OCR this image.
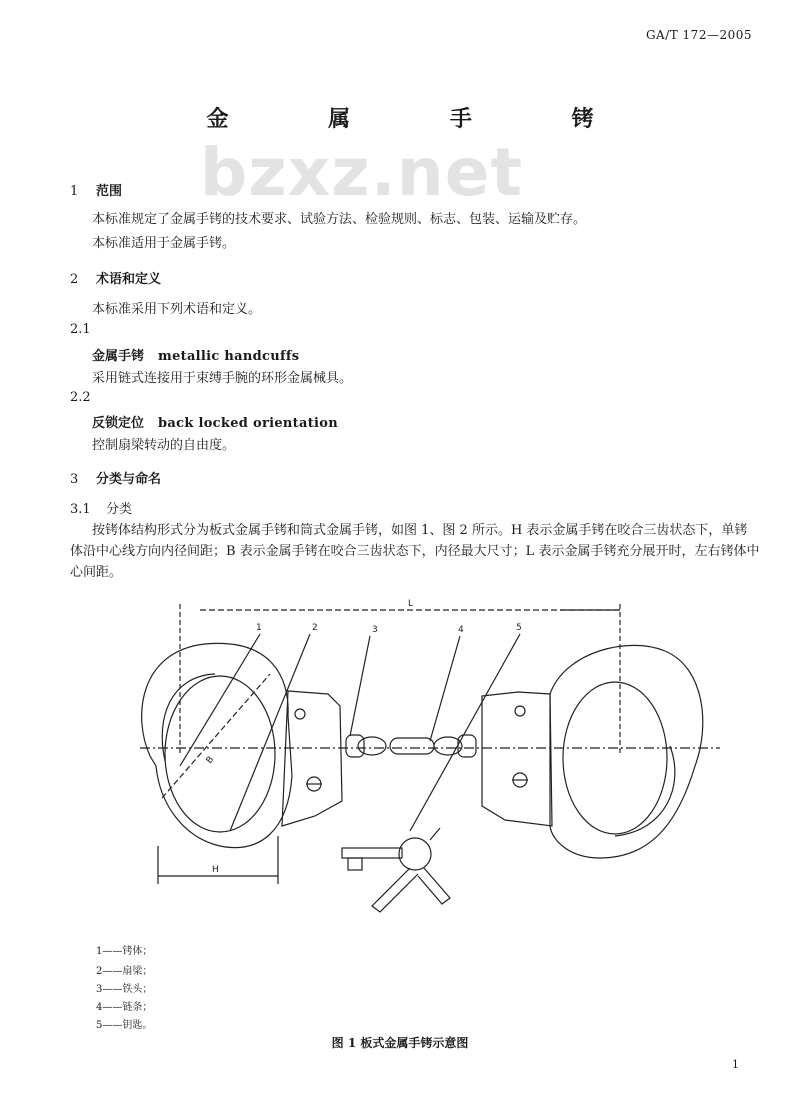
GA/T 172—2005
bzxz.net
金 属 手 铐
1 范围
本标准规定了金属手铐的技术要求、试验方法、检验规则、标志、包装、运输及贮存。
本标准适用于金属手铐。
2 术语和定义
本标准采用下列术语和定义。
2.1
金属手铐 metallic handcuffs
采用链式连接用于束缚手腕的环形金属械具。
2.2
反锁定位 back locked orientation
控制扇梁转动的自由度。
3 分类与命名
3.1 分类
按铐体结构形式分为板式金属手铐和筒式金属手铐，如图 1、图 2 所示。H 表示金属手铐在咬合三齿状态下，单铐体沿中心线方向内径间距；B 表示金属手铐在咬合三齿状态下，内径最大尺寸；L 表示金属手铐充分展开时，左右铐体中心间距。
L
B
H
1	2	3	4	5
1——铐体；
2——扇梁；
3——铁头；
4——链条；
5——钥匙。
图 1 板式金属手铐示意图
1
